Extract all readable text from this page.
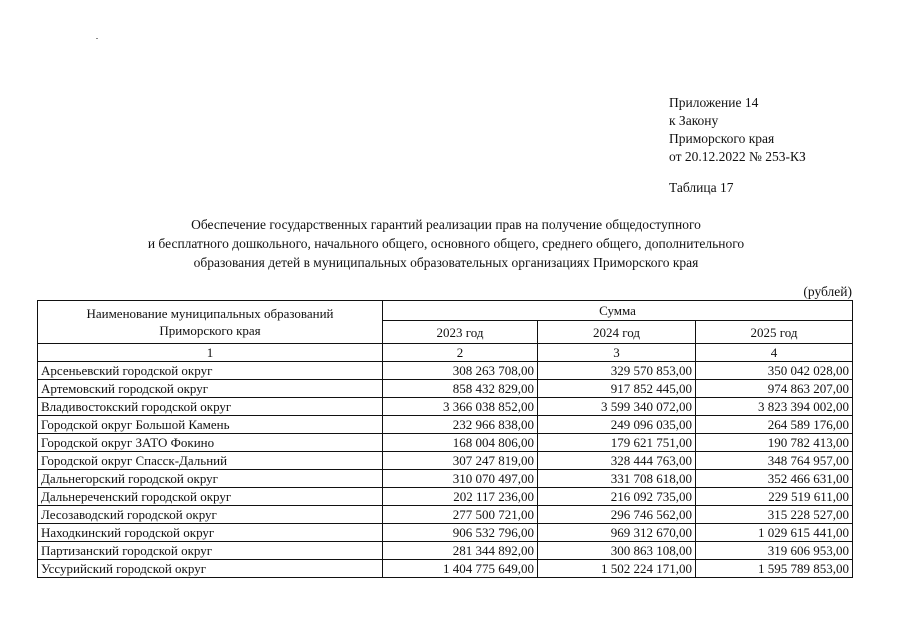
Приложение 14
к Закону
Приморского края
от 20.12.2022 № 253-КЗ
Таблица 17
Обеспечение государственных гарантий реализации прав на получение общедоступного
и бесплатного дошкольного, начального общего, основного общего, среднего общего, дополнительного
образования детей в муниципальных образовательных организациях Приморского края
(рублей)
Наименование муниципальных образований
Приморского края	Сумма		
	2023 год	2024 год	2025 год
1	2	3	4
Арсеньевский городской округ	308 263 708,00	329 570 853,00	350 042 028,00
Артемовский городской округ	858 432 829,00	917 852 445,00	974 863 207,00
Владивостокский городской округ	3 366 038 852,00	3 599 340 072,00	3 823 394 002,00
Городской округ Большой Камень	232 966 838,00	249 096 035,00	264 589 176,00
Городской округ ЗАТО Фокино	168 004 806,00	179 621 751,00	190 782 413,00
Городской округ Спасск-Дальний	307 247 819,00	328 444 763,00	348 764 957,00
Дальнегорский городской округ	310 070 497,00	331 708 618,00	352 466 631,00
Дальнереченский городской округ	202 117 236,00	216 092 735,00	229 519 611,00
Лесозаводский городской округ	277 500 721,00	296 746 562,00	315 228 527,00
Находкинский городской округ	906 532 796,00	969 312 670,00	1 029 615 441,00
Партизанский городской округ	281 344 892,00	300 863 108,00	319 606 953,00
Уссурийский городской округ	1 404 775 649,00	1 502 224 171,00	1 595 789 853,00
